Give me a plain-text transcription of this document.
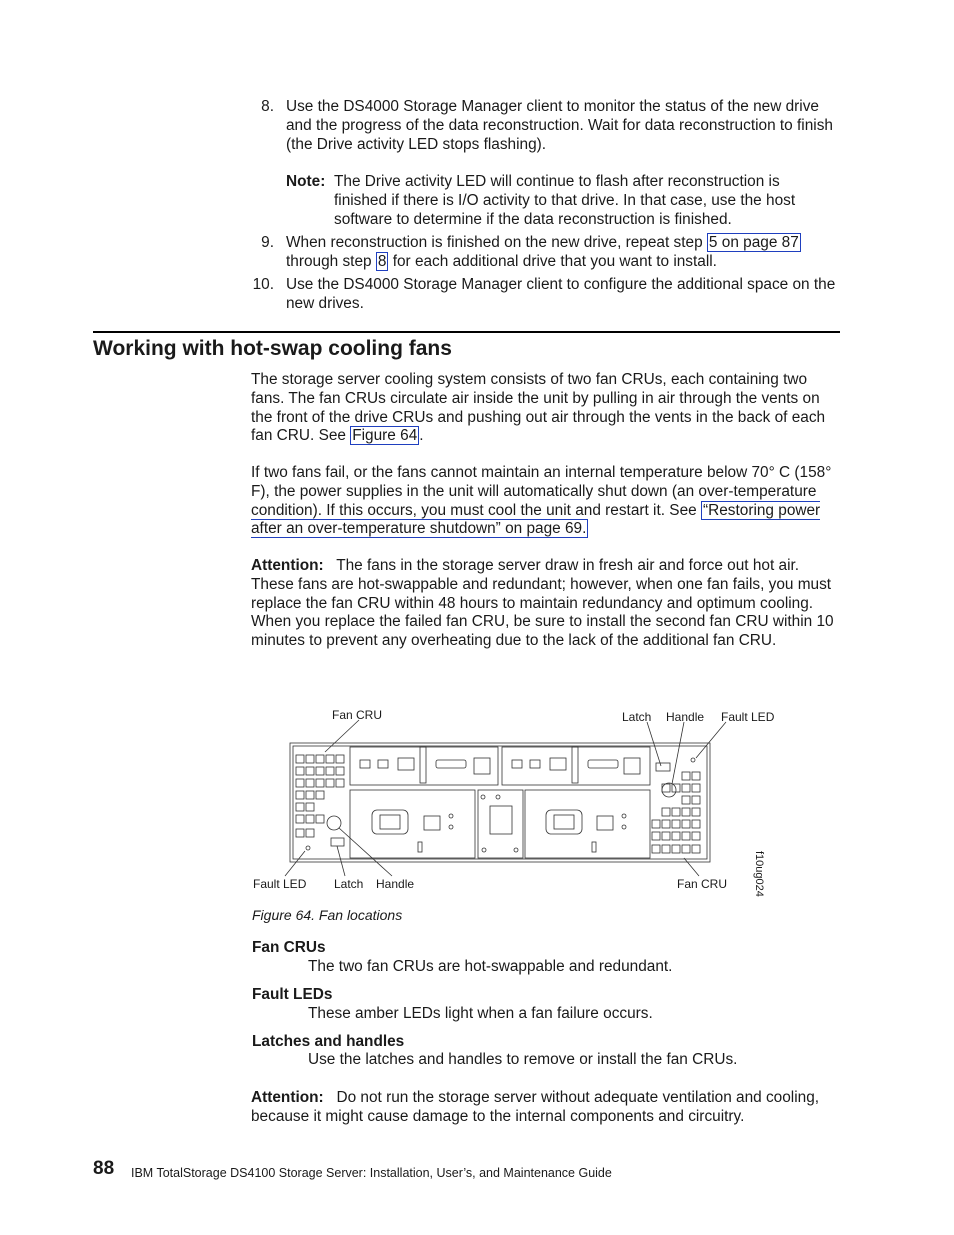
8. Use the DS4000 Storage Manager client to monitor the status of the new drive and the progress of the data reconstruction. Wait for data reconstruction to finish (the Drive activity LED stops flashing).
Note: The Drive activity LED will continue to flash after reconstruction is finished if there is I/O activity to that drive. In that case, use the host software to determine if the data reconstruction is finished.
9. When reconstruction is finished on the new drive, repeat step 5 on page 87 through step 8 for each additional drive that you want to install.
10. Use the DS4000 Storage Manager client to configure the additional space on the new drives.
Working with hot-swap cooling fans
The storage server cooling system consists of two fan CRUs, each containing two fans. The fan CRUs circulate air inside the unit by pulling in air through the vents on the front of the drive CRUs and pushing out air through the vents in the back of each fan CRU. See Figure 64 .
If two fans fail, or the fans cannot maintain an internal temperature below 70° C (158° F), the power supplies in the unit will automatically shut down (an over-temperature condition). If this occurs, you must cool the unit and restart it. See “Restoring power after an over-temperature shutdown” on page 69.
Attention: The fans in the storage server draw in fresh air and force out hot air. These fans are hot-swappable and redundant; however, when one fan fails, you must replace the fan CRU within 48 hours to maintain redundancy and optimum cooling. When you replace the failed fan CRU, be sure to install the second fan CRU within 10 minutes to prevent any overheating due to the lack of the additional fan CRU.
Fan CRU	Latch Handle Fault LED
Fault LED Latch Handle	Fan CRU	f10ug024
Figure 64. Fan locations
Fan CRUs
The two fan CRUs are hot-swappable and redundant.
Fault LEDs
These amber LEDs light when a fan failure occurs.
Latches and handles
Use the latches and handles to remove or install the fan CRUs.
Attention: Do not run the storage server without adequate ventilation and cooling, because it might cause damage to the internal components and circuitry.
88 IBM TotalStorage DS4100 Storage Server: Installation, User’s, and Maintenance Guide
